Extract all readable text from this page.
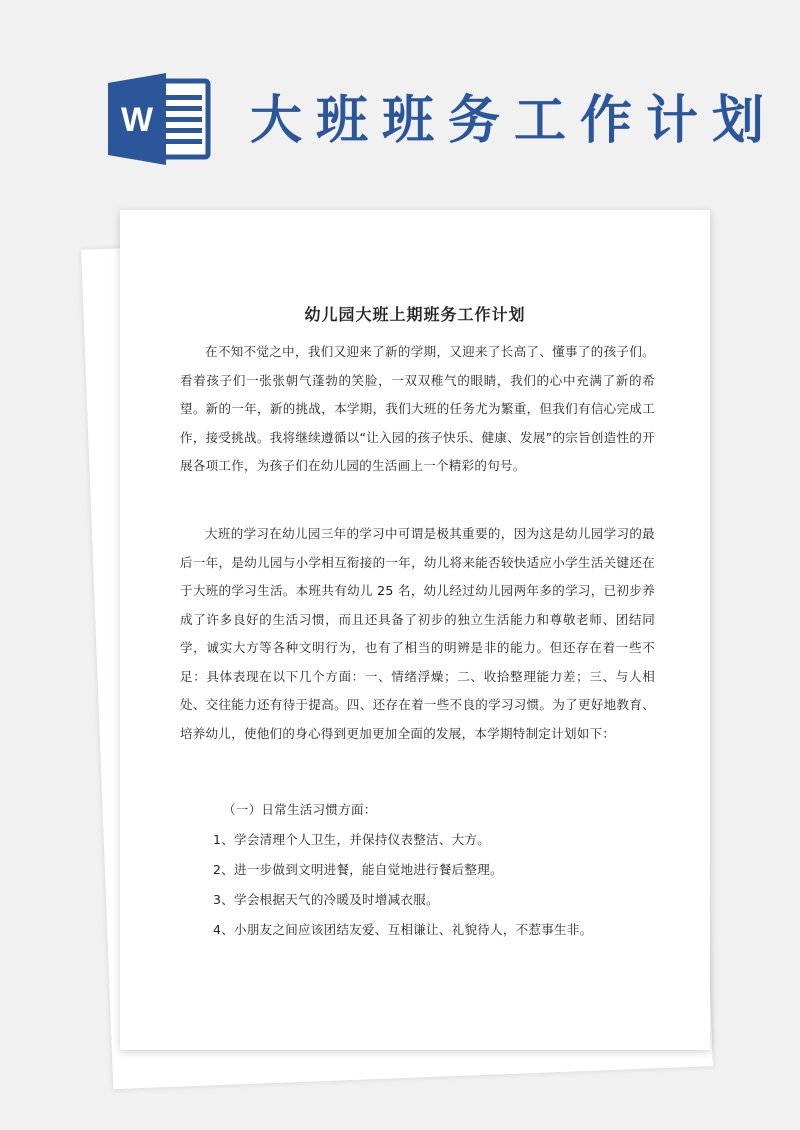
W 大班班务工作计划
幼儿园大班上期班务工作计划

在不知不觉之中，我们又迎来了新的学期，又迎来了长高了、懂事了的孩子们。看着孩子们一张张朝气蓬勃的笑脸，一双双稚气的眼睛，我们的心中充满了新的希望。新的一年，新的挑战，本学期，我们大班的任务尤为繁重，但我们有信心完成工作，接受挑战。我将继续遵循以“让入园的孩子快乐、健康、发展”的宗旨创造性的开展各项工作，为孩子们在幼儿园的生活画上一个精彩的句号。

大班的学习在幼儿园三年的学习中可谓是极其重要的，因为这是幼儿园学习的最后一年，是幼儿园与小学相互衔接的一年，幼儿将来能否较快适应小学生活关键还在于大班的学习生活。本班共有幼儿 25 名，幼儿经过幼儿园两年多的学习，已初步养成了许多良好的生活习惯，而且还具备了初步的独立生活能力和尊敬老师、团结同学，诚实大方等各种文明行为，也有了相当的明辨是非的能力。但还存在着一些不足：具体表现在以下几个方面：一、情绪浮燥；二、收拾整理能力差；三、与人相处、交往能力还有待于提高。四、还存在着一些不良的学习习惯。为了更好地教育、培养幼儿，使他们的身心得到更加更加全面的发展，本学期特制定计划如下：

（一）日常生活习惯方面：
1、学会清理个人卫生，并保持仪表整洁、大方。
2、进一步做到文明进餐，能自觉地进行餐后整理。
3、学会根据天气的冷暖及时增减衣服。
4、小朋友之间应该团结友爱、互相谦让、礼貌待人，不惹事生非。
